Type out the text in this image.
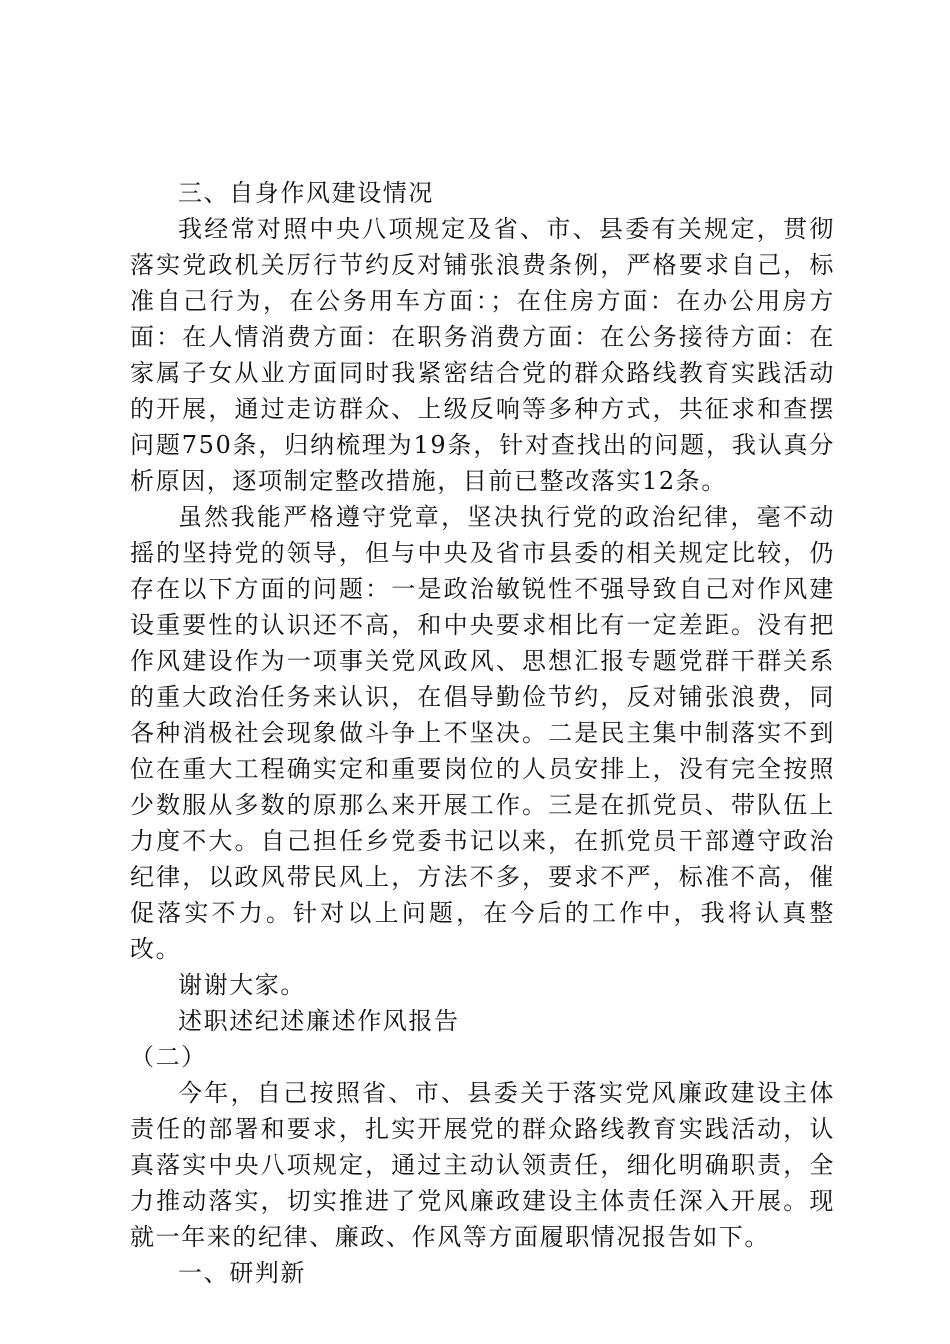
三、自身作风建设情况

我经常对照中央八项规定及省、市、县委有关规定，贯彻落实党政机关厉行节约反对铺张浪费条例，严格要求自己，标准自己行为，在公务用车方面：；在住房方面：在办公用房方面：在人情消费方面：在职务消费方面：在公务接待方面：在家属子女从业方面同时我紧密结合党的群众路线教育实践活动的开展，通过走访群众、上级反响等多种方式，共征求和查摆问题750条，归纳梳理为19条，针对查找出的问题，我认真分析原因，逐项制定整改措施，目前已整改落实12条。

虽然我能严格遵守党章，坚决执行党的政治纪律，毫不动摇的坚持党的领导，但与中央及省市县委的相关规定比较，仍存在以下方面的问题：一是政治敏锐性不强导致自己对作风建设重要性的认识还不高，和中央要求相比有一定差距。没有把作风建设作为一项事关党风政风、思想汇报专题党群干群关系的重大政治任务来认识，在倡导勤俭节约，反对铺张浪费，同各种消极社会现象做斗争上不坚决。二是民主集中制落实不到位在重大工程确实定和重要岗位的人员安排上，没有完全按照少数服从多数的原那么来开展工作。三是在抓党员、带队伍上力度不大。自己担任乡党委书记以来，在抓党员干部遵守政治纪律，以政风带民风上，方法不多，要求不严，标准不高，催促落实不力。针对以上问题，在今后的工作中，我将认真整改。

谢谢大家。

述职述纪述廉述作风报告

（二）

今年，自己按照省、市、县委关于落实党风廉政建设主体责任的部署和要求，扎实开展党的群众路线教育实践活动，认真落实中央八项规定，通过主动认领责任，细化明确职责，全力推动落实，切实推进了党风廉政建设主体责任深入开展。现就一年来的纪律、廉政、作风等方面履职情况报告如下。

一、研判新
